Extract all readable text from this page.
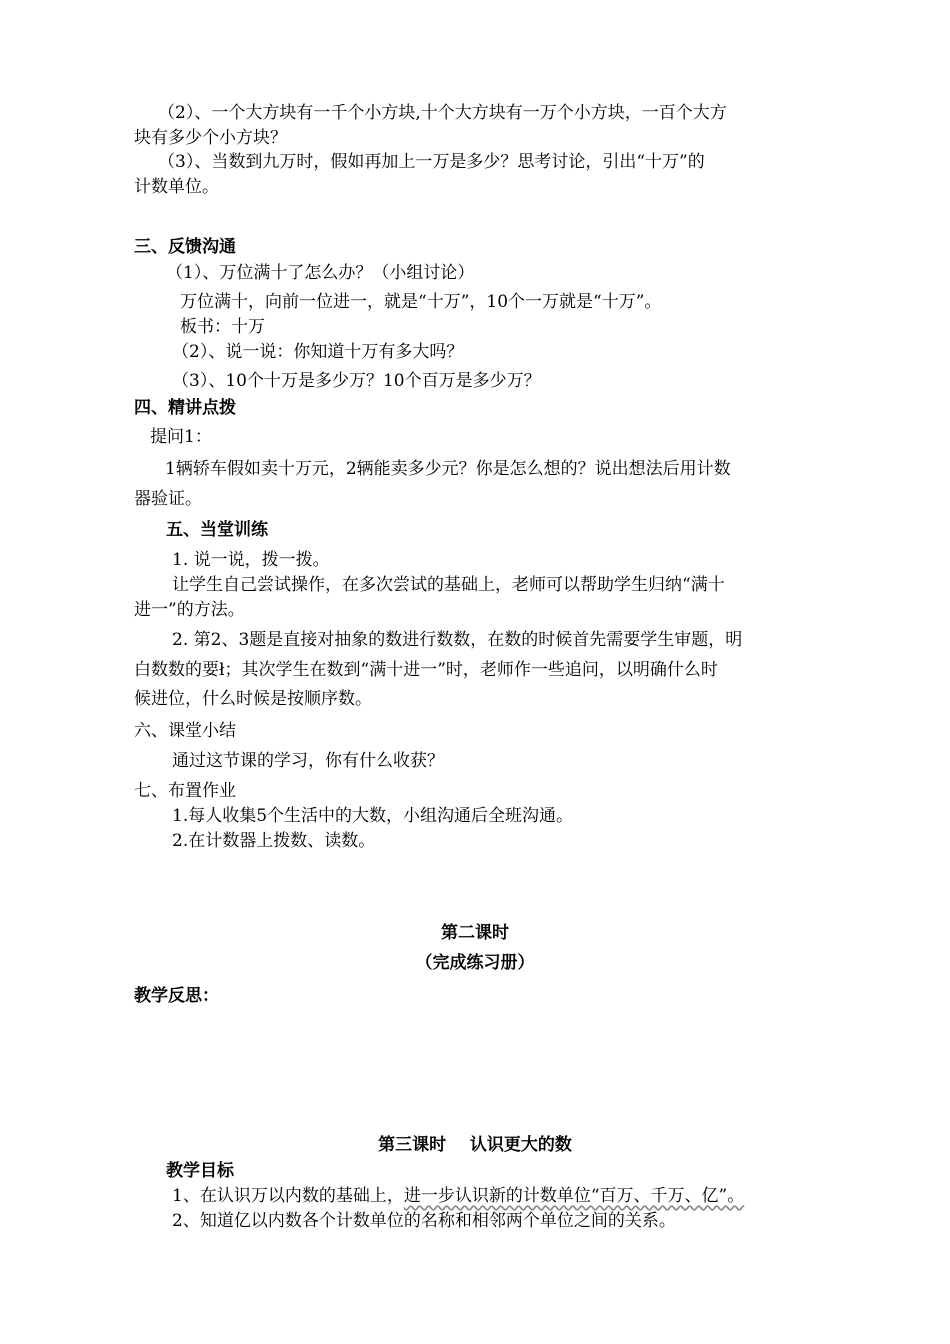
（2）、一个大方块有一千个小方块,十个大方块有一万个小方块，一百个大方

块有多少个小方块？

（3）、当数到九万时，假如再加上一万是多少？思考讨论，引出“十万”的

计数单位。

三、反馈沟通

（1）、万位满十了怎么办？（小组讨论）

万位满十，向前一位进一，就是“十万”，10个一万就是“十万”。

板书：十万

（2）、说一说：你知道十万有多大吗？

（3）、10个十万是多少万？10个百万是多少万？

四、精讲点拨

提问1：

1辆轿车假如卖十万元，2辆能卖多少元？你是怎么想的？说出想法后用计数

器验证。

五、当堂训练

1. 说一说，拨一拨。

让学生自己尝试操作，在多次尝试的基础上，老师可以帮助学生归纳“满十

进一”的方法。

2. 第2、3题是直接对抽象的数进行数数，在数的时候首先需要学生审题，明

白数数的要ł；其次学生在数到“满十进一”时，老师作一些追问，以明确什么时

候进位，什么时候是按顺序数。

六、课堂小结

通过这节课的学习，你有什么收获？

七、布置作业

1.每人收集5个生活中的大数，小组沟通后全班沟通。

2.在计数器上拨数、读数。

第二课时

（完成练习册）

教学反思：

第三课时    认识更大的数

教学目标

1、在认识万以内数的基础上，进一步认识新的计数单位“百万、千万、亿”。

2、知道亿以内数各个计数单位的名称和相邻两个单位之间的关系。
